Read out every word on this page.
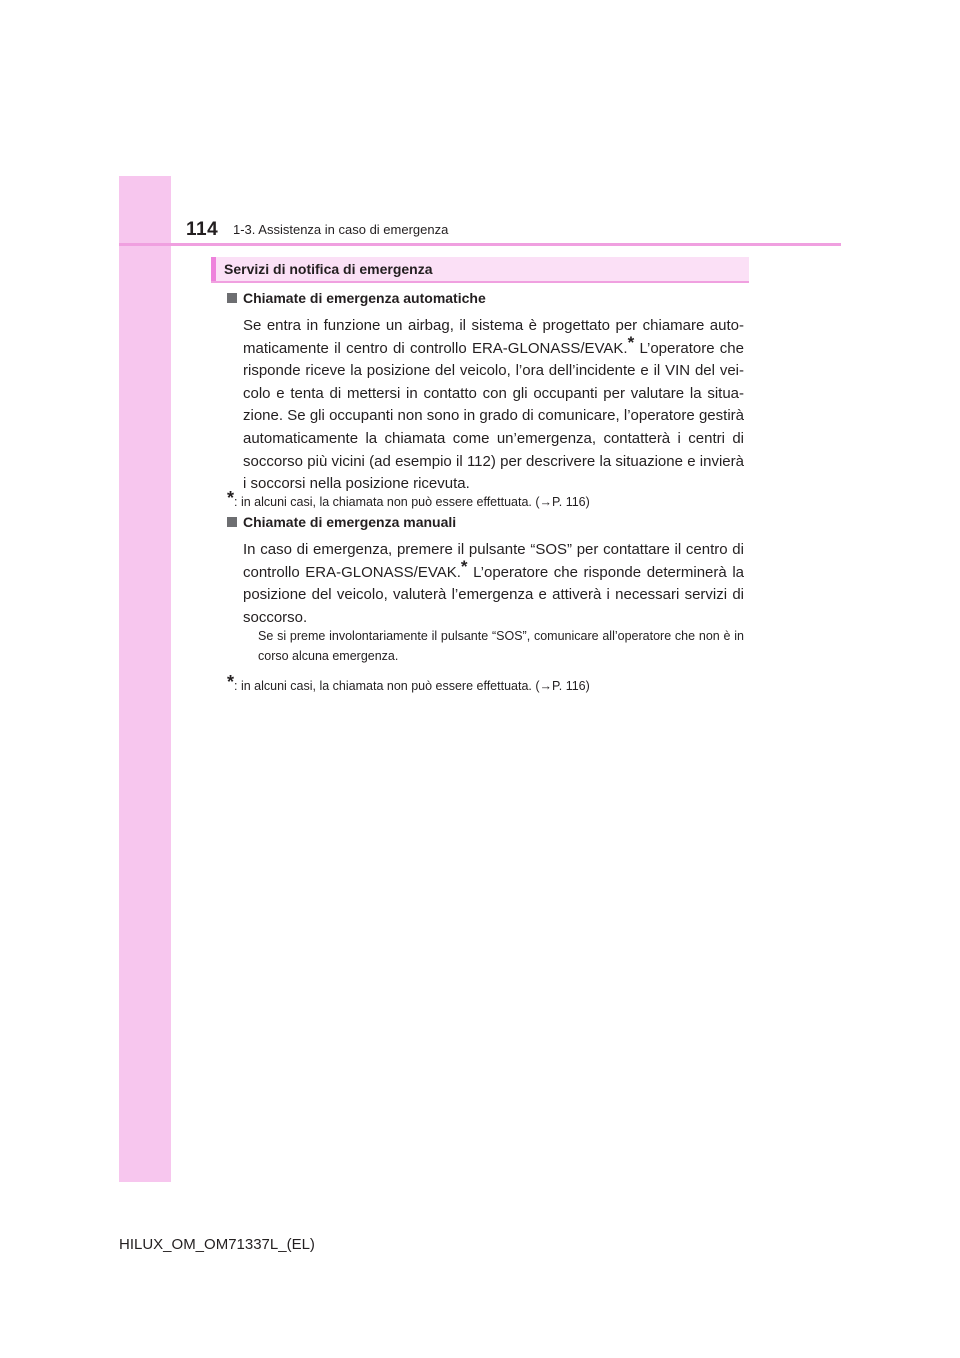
114 1-3. Assistenza in caso di emergenza
Servizi di notifica di emergenza
Chiamate di emergenza automatiche
Se entra in funzione un airbag, il sistema è progettato per chiamare auto-maticamente il centro di controllo ERA-GLONASS/EVAK.* L’operatore che risponde riceve la posizione del veicolo, l’ora dell’incidente e il VIN del vei-colo e tenta di mettersi in contatto con gli occupanti per valutare la situa-zione. Se gli occupanti non sono in grado di comunicare, l’operatore gestirà automaticamente la chiamata come un’emergenza, contatterà i centri di soccorso più vicini (ad esempio il 112) per descrivere la situazione e invierà i soccorsi nella posizione ricevuta.
*: in alcuni casi, la chiamata non può essere effettuata. (→P. 116)
Chiamate di emergenza manuali
In caso di emergenza, premere il pulsante “SOS” per contattare il centro di controllo ERA-GLONASS/EVAK.* L’operatore che risponde determinerà la posizione del veicolo, valuterà l’emergenza e attiverà i necessari servizi di soccorso.
Se si preme involontariamente il pulsante “SOS”, comunicare all’operatore che non è in corso alcuna emergenza.
*: in alcuni casi, la chiamata non può essere effettuata. (→P. 116)
HILUX_OM_OM71337L_(EL)
